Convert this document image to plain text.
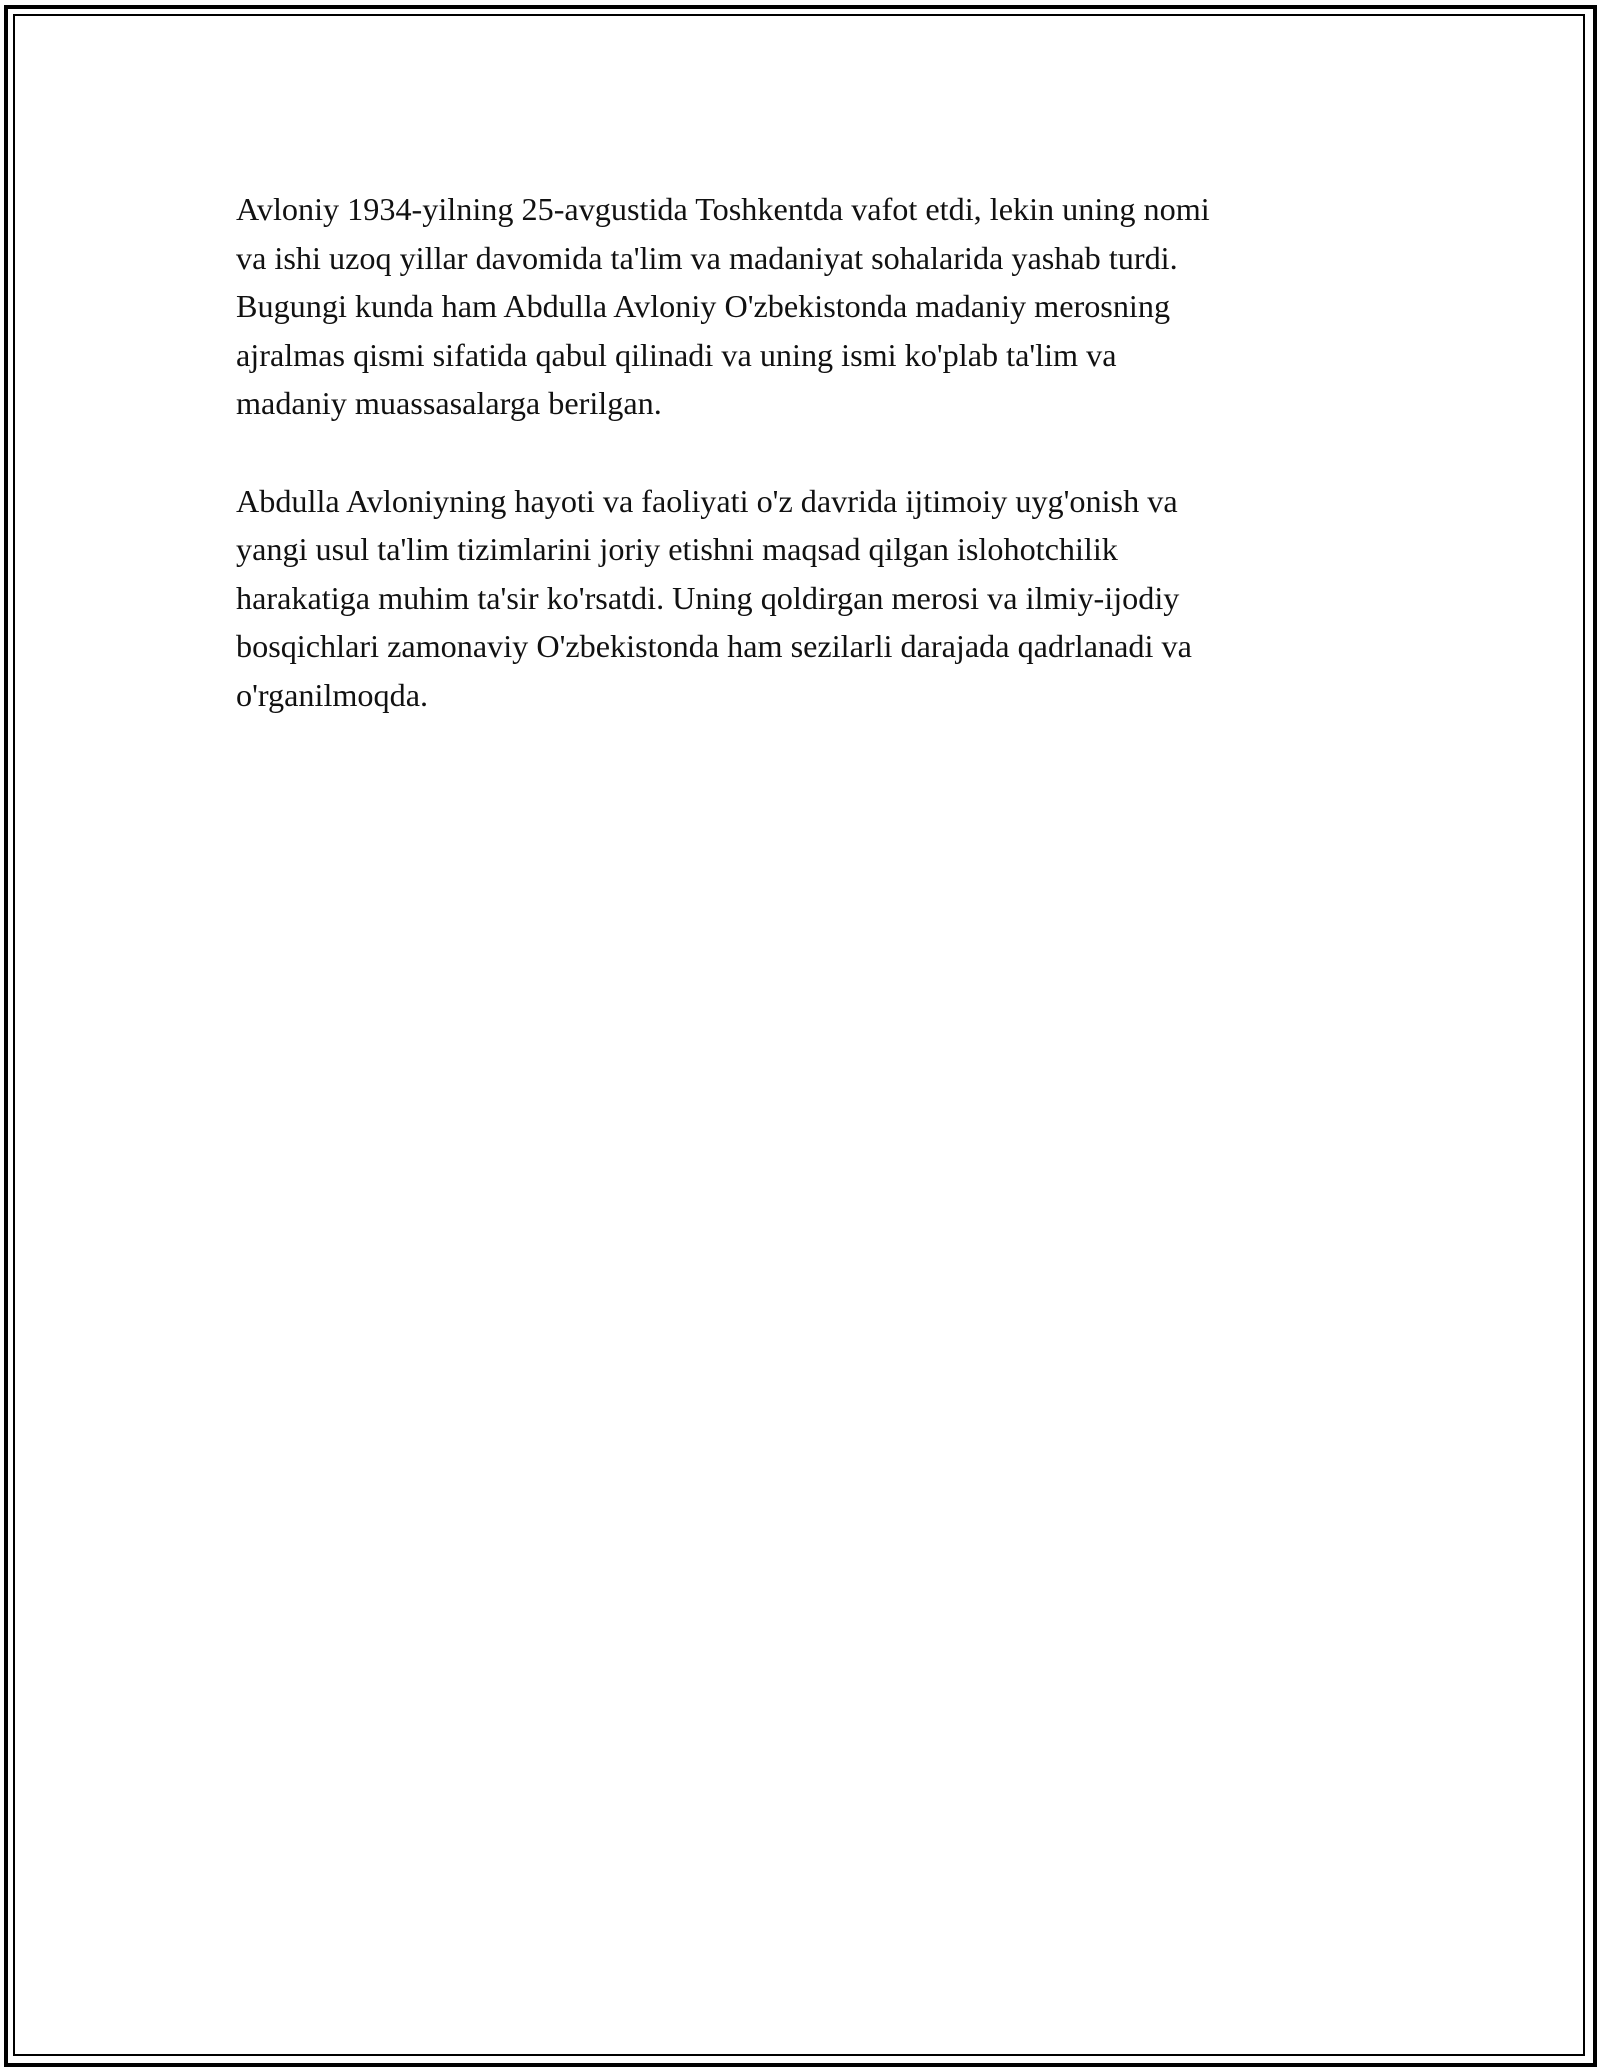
Avloniy 1934-yilning 25-avgustida Toshkentda vafot etdi, lekin uning nomi
va ishi uzoq yillar davomida ta'lim va madaniyat sohalarida yashab turdi.
Bugungi kunda ham Abdulla Avloniy O'zbekistonda madaniy merosning
ajralmas qismi sifatida qabul qilinadi va uning ismi ko'plab ta'lim va
madaniy muassasalarga berilgan.

Abdulla Avloniyning hayoti va faoliyati o'z davrida ijtimoiy uyg'onish va
yangi usul ta'lim tizimlarini joriy etishni maqsad qilgan islohotchilik
harakatiga muhim ta'sir ko'rsatdi. Uning qoldirgan merosi va ilmiy-ijodiy
bosqichlari zamonaviy O'zbekistonda ham sezilarli darajada qadrlanadi va
o'rganilmoqda.
